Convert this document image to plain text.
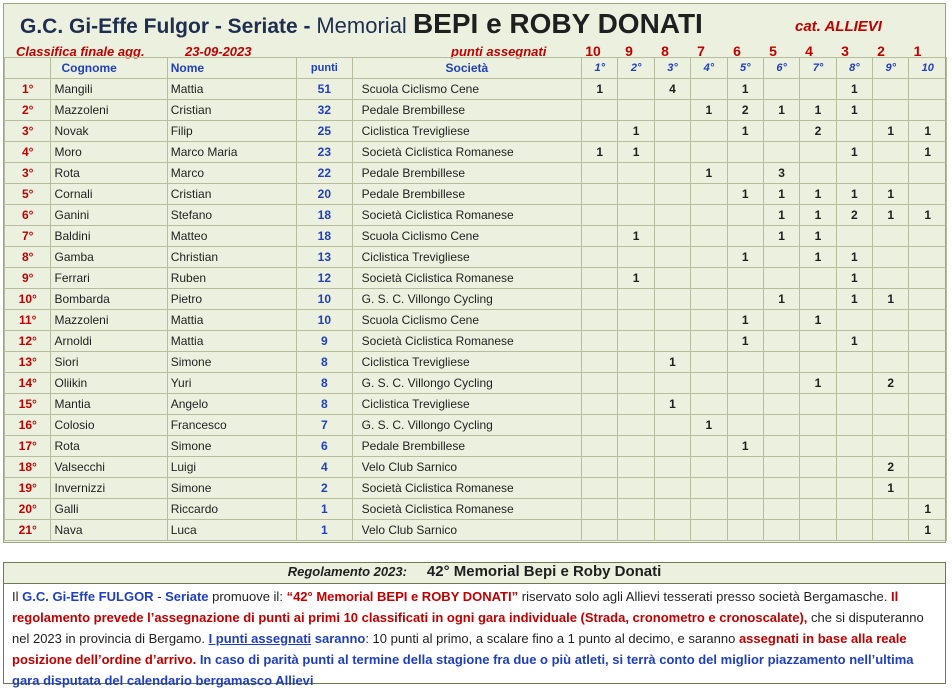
G.C. Gi-Effe Fulgor - Seriate - Memorial BEPI e ROBY DONATI	cat. ALLIEVI
Classifica finale agg.	23-09-2023	punti assegnati
	Cognome	Nome	punti	Società	1°	2°	3°	4°	5°	6°	7°	8°	9°	10
1°	Mangili	Mattia	51	Scuola Ciclismo Cene	1		4		1			1		
2°	Mazzoleni	Cristian	32	Pedale Brembillese				1	2	1	1	1		
3°	Novak	Filip	25	Ciclistica Trevigliese		1			1		2		1	1
4°	Moro	Marco Maria	23	Società Ciclistica Romanese	1	1						1		1
3°	Rota	Marco	22	Pedale Brembillese				1		3				
5°	Cornali	Cristian	20	Pedale Brembillese					1	1	1	1	1	
6°	Ganini	Stefano	18	Società Ciclistica Romanese						1	1	2	1	1
7°	Baldini	Matteo	18	Scuola Ciclismo Cene		1				1	1			
8°	Gamba	Christian	13	Ciclistica Trevigliese					1		1	1		
9°	Ferrari	Ruben	12	Società Ciclistica Romanese		1						1		
10°	Bombarda	Pietro	10	G. S. C. Villongo Cycling						1		1	1	
11°	Mazzoleni	Mattia	10	Scuola Ciclismo Cene					1		1			
12°	Arnoldi	Mattia	9	Società Ciclistica Romanese					1			1		
13°	Siori	Simone	8	Ciclistica Trevigliese			1							
14°	Oliikin	Yuri	8	G. S. C. Villongo Cycling							1		2	
15°	Mantia	Angelo	8	Ciclistica Trevigliese			1							
16°	Colosio	Francesco	7	G. S. C. Villongo Cycling				1						
17°	Rota	Simone	6	Pedale Brembillese					1					
18°	Valsecchi	Luigi	4	Velo Club Sarnico									2	
19°	Invernizzi	Simone	2	Società Ciclistica Romanese									1	
20°	Galli	Riccardo	1	Società Ciclistica Romanese										1
21°	Nava	Luca	1	Velo Club Sarnico										1
10	9	8	7	6	5	4	3	2	1
Regolamento 2023: 42° Memorial Bepi e Roby Donati
Il G.C. Gi-Effe FULGOR - Seriate promuove il: “42° Memorial BEPI e ROBY DONATI” riservato solo agli Allievi tesserati presso società Bergamasche. Il regolamento prevede l’assegnazione di punti ai primi 10 classificati in ogni gara individuale (Strada, cronometro e cronoscalate), che si disputeranno nel 2023 in provincia di Bergamo. I punti assegnati saranno: 10 punti al primo, a scalare fino a 1 punto al decimo, e saranno assegnati in base alla reale posizione dell’ordine d’arrivo. In caso di parità punti al termine della stagione fra due o più atleti, si terrà conto del miglior piazzamento nell’ultima gara disputata del calendario bergamasco Allievi
